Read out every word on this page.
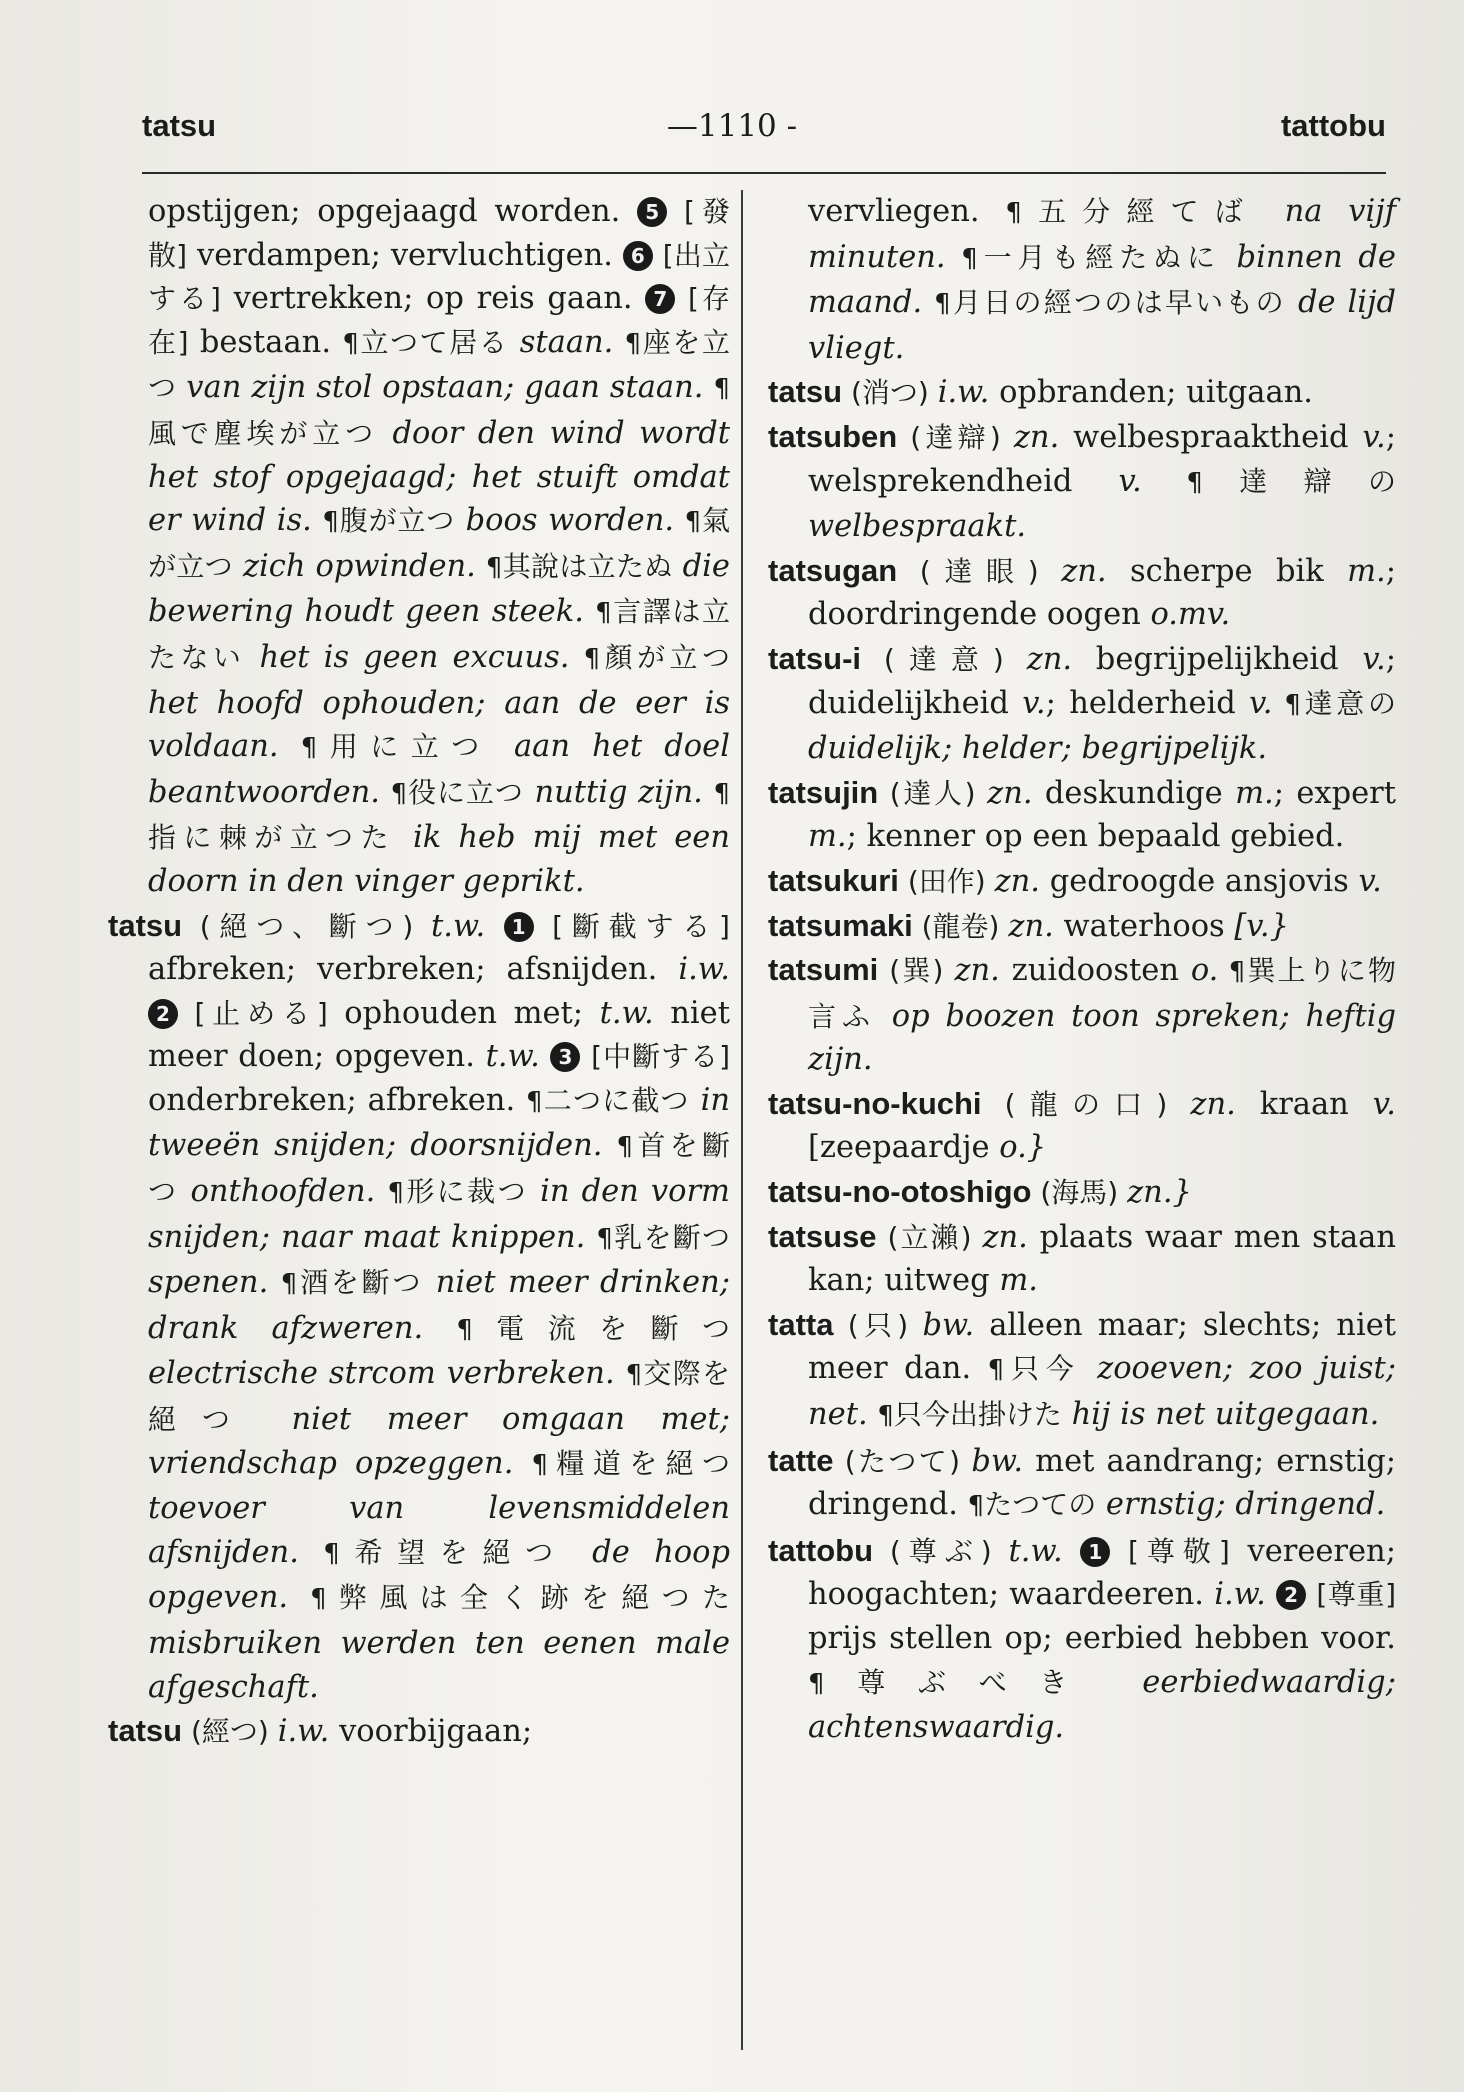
tatsu	—1110 -	tattobu

opstijgen; opgejaagd worden. 5 [發散] verdampen; vervluchtigen. 6 [出立する] vertrekken; op reis gaan. 7 [存在] bestaan. ¶立つて居る staan. ¶座を立つ van zijn stol opstaan; gaan staan. ¶風で塵埃が立つ door den wind wordt het stof opgejaagd; het stuift omdat er wind is. ¶腹が立つ boos worden. ¶氣が立つ zich opwinden. ¶其說は立たぬ die bewering houdt geen steek. ¶言譯は立たない het is geen excuus. ¶顏が立つ het hoofd ophouden; aan de eer is voldaan. ¶用に立つ aan het doel beantwoorden. ¶役に立つ nuttig zijn. ¶指に棘が立つた ik heb mij met een doorn in den vinger geprikt.

tatsu (絕つ、斷つ) t.w. 1 [斷截する] afbreken; verbreken; afsnijden. i.w. 2 [止める] ophouden met; t.w. niet meer doen; opgeven. t.w. 3 [中斷する] onderbreken; afbreken. ¶二つに截つ in tweeën snijden; doorsnijden. ¶首を斷つ onthoofden. ¶形に裁つ in den vorm snijden; naar maat knippen. ¶乳を斷つ spenen. ¶酒を斷つ niet meer drinken; drank afzweren. ¶電流を斷つ electrische strcom verbreken. ¶交際を絕つ niet meer omgaan met; vriendschap opzeggen. ¶糧道を絕つ toevoer van levensmiddelen afsnijden. ¶希望を絕つ de hoop opgeven. ¶弊風は全く跡を絕つた misbruiken werden ten eenen male afgeschaft.

tatsu (經つ) i.w. voorbijgaan;

vervliegen. ¶五分經てば na vijf minuten. ¶一月も經たぬに binnen de maand. ¶月日の經つのは早いもの de lijd vliegt.

tatsu (消つ) i.w. opbranden; uitgaan.

tatsuben (達辯) zn. welbespraaktheid v.; welsprekendheid v. ¶達辯の welbespraakt.

tatsugan (達眼) zn. scherpe bik m.; doordringende oogen o.mv.

tatsu-i (達意) zn. begrijpelijkheid v.; duidelijkheid v.; helderheid v. ¶達意の duidelijk; helder; begrijpelijk.

tatsujin (達人) zn. deskundige m.; expert m.; kenner op een bepaald gebied.

tatsukuri (田作) zn. gedroogde ansjovis v.

tatsumaki (龍卷) zn. waterhoos [v.}

tatsumi (巽) zn. zuidoosten o. ¶巽上りに物言ふ op boozen toon spreken; heftig zijn.

tatsu-no-kuchi (龍の口) zn. kraan v. [zeepaardje o.}

tatsu-no-otoshigo (海馬) zn.}

tatsuse (立瀨) zn. plaats waar men staan kan; uitweg m.

tatta (只) bw. alleen maar; slechts; niet meer dan. ¶只今 zooeven; zoo juist; net. ¶只今出掛けた hij is net uitgegaan.

tatte (たつて) bw. met aandrang; ernstig; dringend. ¶たつての ernstig; dringend.

tattobu (尊ぶ) t.w. 1 [尊敬] vereeren; hoogachten; waardeeren. i.w. 2 [尊重] prijs stellen op; eerbied hebben voor. ¶尊ぶべき eerbiedwaardig; achtenswaardig.
